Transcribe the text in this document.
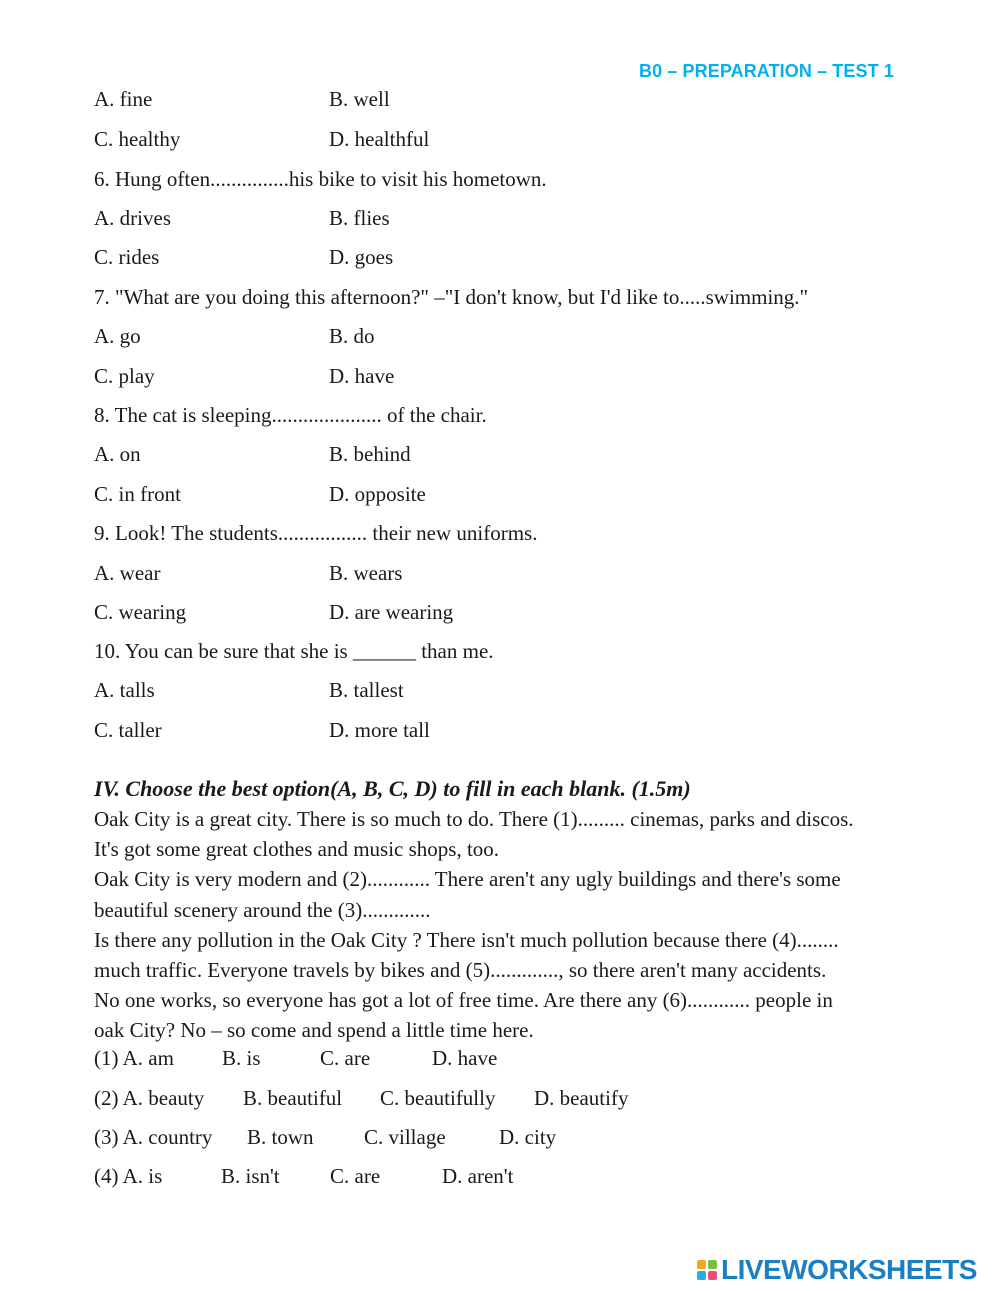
B0 – PREPARATION – TEST 1
A. fine	B. well
C. healthy	D. healthful
6. Hung often...............his bike to visit his hometown.
A. drives	B. flies
C. rides	D. goes
7. "What are you doing this afternoon?" –"I don't know, but I'd like to.....swimming."
A. go	B. do
C. play	D. have
8. The cat is sleeping..................... of the chair.
A. on	B. behind
C. in front	D. opposite
9. Look! The students................. their new uniforms.
A. wear	B. wears
C. wearing	D. are wearing
10. You can be sure that she is ______ than me.
A. talls	B. tallest
C. taller	D. more tall
IV. Choose the best option(A, B, C, D) to fill in each blank. (1.5m)
Oak City is a great city. There is so much to do. There (1)......... cinemas, parks and discos.
It's got some great clothes and music shops, too.
Oak City is very modern and (2)............ There aren't any ugly buildings and there's some
beautiful scenery around the (3).............
Is there any pollution in the Oak City ? There isn't much pollution because there (4)........
much traffic. Everyone travels by bikes and (5)............., so there aren't many accidents.
No one works, so everyone has got a lot of free time. Are there any (6)............ people in
oak City? No – so come and spend a little time here.
(1) A. am B. is	C. are	D. have
(2) A. beauty B. beautiful C. beautifully D. beautify
(3) A. country B. town C. village	D. city
(4) A. is	B. isn't C. are	D. aren't
LIVEWORKSHEETS
